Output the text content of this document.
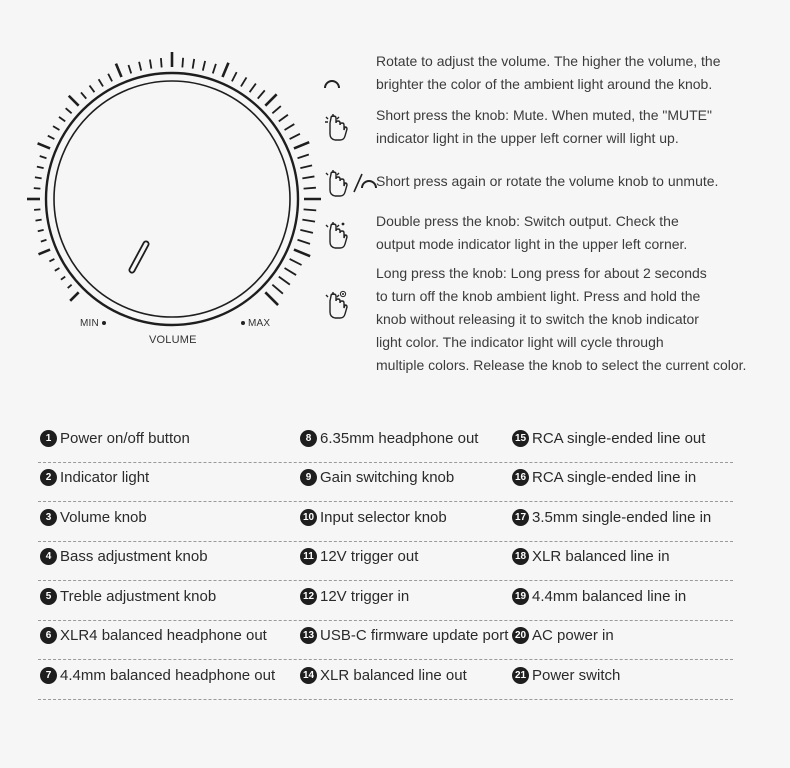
MIN	MAX
VOLUME
Rotate to adjust the volume. The higher the volume, the
brighter the color of the ambient light around the knob.
Short press the knob: Mute. When muted, the "MUTE"
indicator light in the upper left corner will light up.
Short press again or rotate the volume knob to unmute.
Double press the knob: Switch output. Check the
output mode indicator light in the upper left corner.
Long press the knob: Long press for about 2 seconds
to turn off the knob ambient light. Press and hold the
knob without releasing it to switch the knob indicator
light color. The indicator light will cycle through
multiple colors. Release the knob to select the current color.
1 Power on/off button	8 6.35mm headphone out	15 RCA single-ended line out
2 Indicator light	9 Gain switching knob	16 RCA single-ended line in
3 Volume knob	10 Input selector knob	17 3.5mm single-ended line in
4 Bass adjustment knob	11 12V trigger out	18 XLR balanced line in
5 Treble adjustment knob	12 12V trigger in	19 4.4mm balanced line in
6 XLR4 balanced headphone out	13 USB-C firmware update port 20 AC power in
7 4.4mm balanced headphone out	14 XLR balanced line out	21 Power switch
